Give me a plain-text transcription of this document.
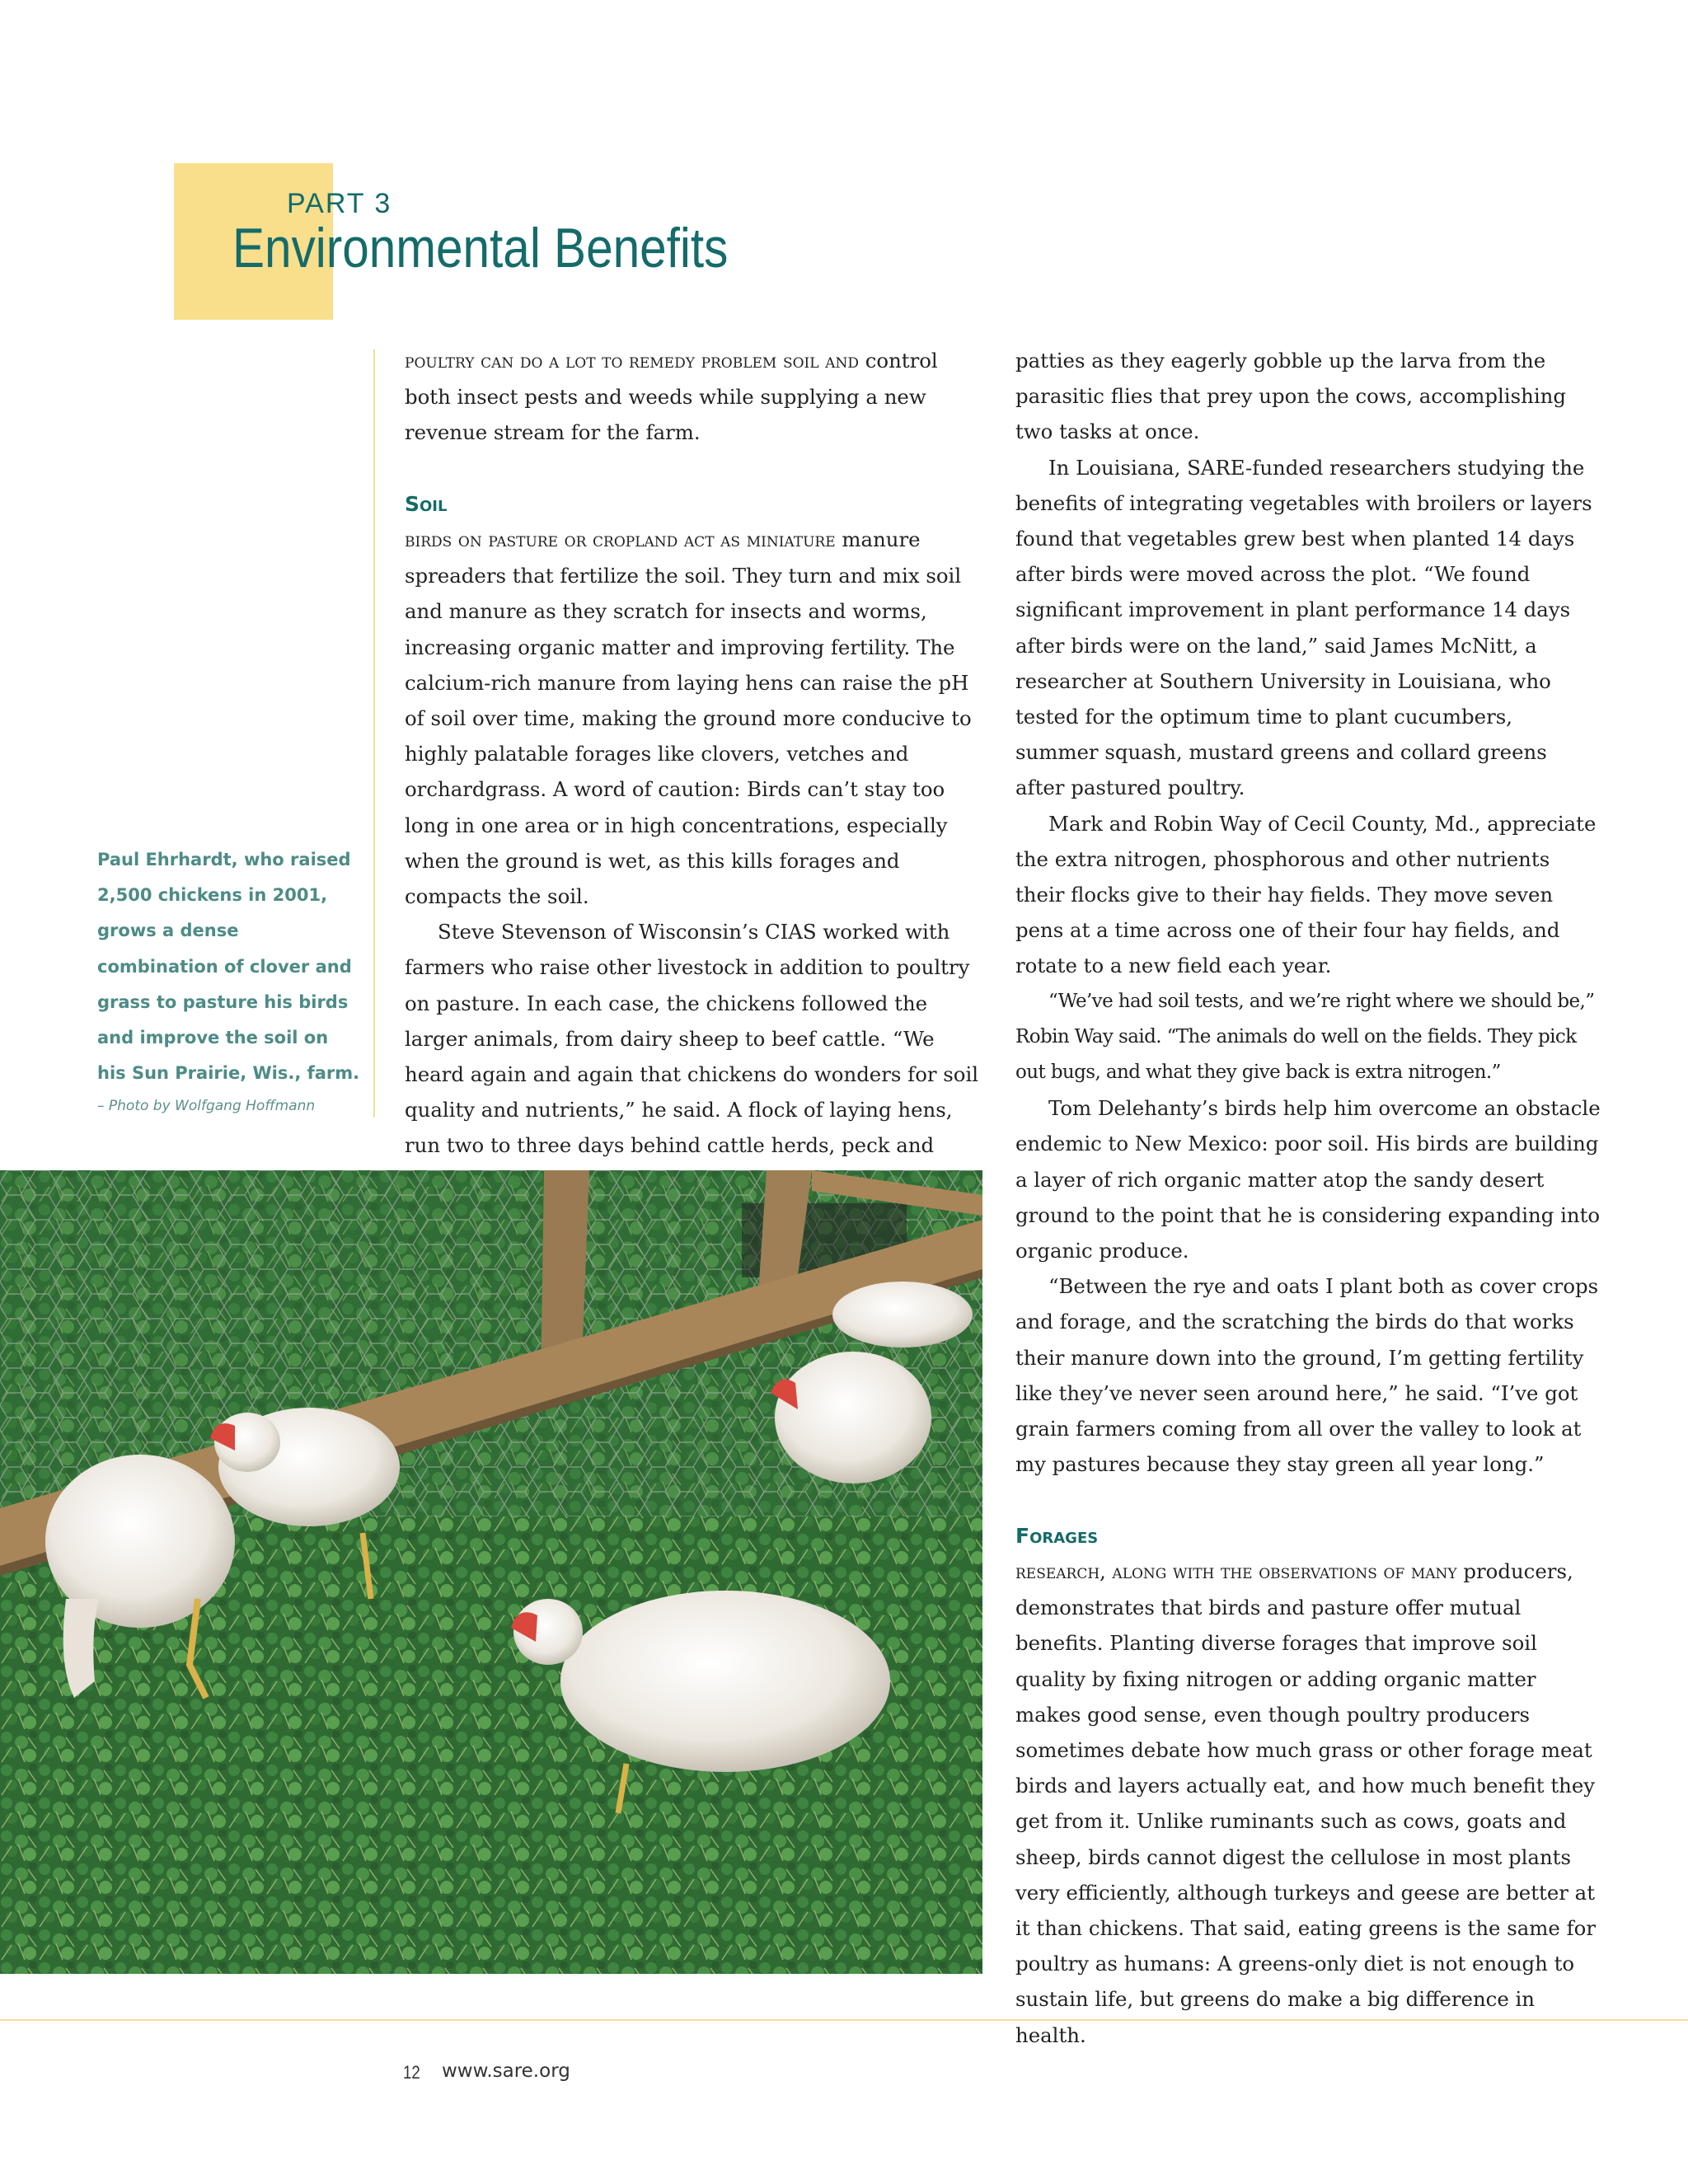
PART 3
Environmental Benefits

Paul Ehrhardt, who raised 2,500 chickens in 2001, grows a dense combination of clover and grass to pasture his birds and improve the soil on his Sun Prairie, Wis., farm.

– Photo by Wolfgang Hoffmann

poultry can do a lot to remedy problem soil and control both insect pests and weeds while supplying a new revenue stream for the farm.

Soil

birds on pasture or cropland act as miniature manure spreaders that fertilize the soil. They turn and mix soil and manure as they scratch for insects and worms, increasing organic matter and improving fertility. The calcium-rich manure from laying hens can raise the pH of soil over time, making the ground more conducive to highly palatable forages like clovers, vetches and orchardgrass. A word of caution: Birds can’t stay too long in one area or in high concentrations, especially when the ground is wet, as this kills forages and compacts the soil.

Steve Stevenson of Wisconsin’s CIAS worked with farmers who raise other livestock in addition to poultry on pasture. In each case, the chickens followed the larger animals, from dairy sheep to beef cattle. “We heard again and again that chickens do wonders for soil quality and nutrients,” he said. A flock of laying hens, run two to three days behind cattle herds, peck and

patties as they eagerly gobble up the larva from the parasitic flies that prey upon the cows, accomplishing two tasks at once.

In Louisiana, SARE-funded researchers studying the benefits of integrating vegetables with broilers or layers found that vegetables grew best when planted 14 days after birds were moved across the plot. “We found significant improvement in plant performance 14 days after birds were on the land,” said James McNitt, a researcher at Southern University in Louisiana, who tested for the optimum time to plant cucumbers, summer squash, mustard greens and collard greens after pastured poultry.

Mark and Robin Way of Cecil County, Md., appreciate the extra nitrogen, phosphorous and other nutrients their flocks give to their hay fields. They move seven pens at a time across one of their four hay fields, and rotate to a new field each year.

“We’ve had soil tests, and we’re right where we should be,” Robin Way said. “The animals do well on the fields. They pick out bugs, and what they give back is extra nitrogen.”

Tom Delehanty’s birds help him overcome an obstacle endemic to New Mexico: poor soil. His birds are building a layer of rich organic matter atop the sandy desert ground to the point that he is considering expanding into organic produce.

“Between the rye and oats I plant both as cover crops and forage, and the scratching the birds do that works their manure down into the ground, I’m getting fertility like they’ve never seen around here,” he said. “I’ve got grain farmers coming from all over the valley to look at my pastures because they stay green all year long.”

Forages

research, along with the observations of many producers, demonstrates that birds and pasture offer mutual benefits. Planting diverse forages that improve soil quality by fixing nitrogen or adding organic matter makes good sense, even though poultry producers sometimes debate how much grass or other forage meat birds and layers actually eat, and how much benefit they get from it. Unlike ruminants such as cows, goats and sheep, birds cannot digest the cellulose in most plants very efficiently, although turkeys and geese are better at it than chickens. That said, eating greens is the same for poultry as humans: A greens-only diet is not enough to sustain life, but greens do make a big difference in health.

12 www.sare.org
